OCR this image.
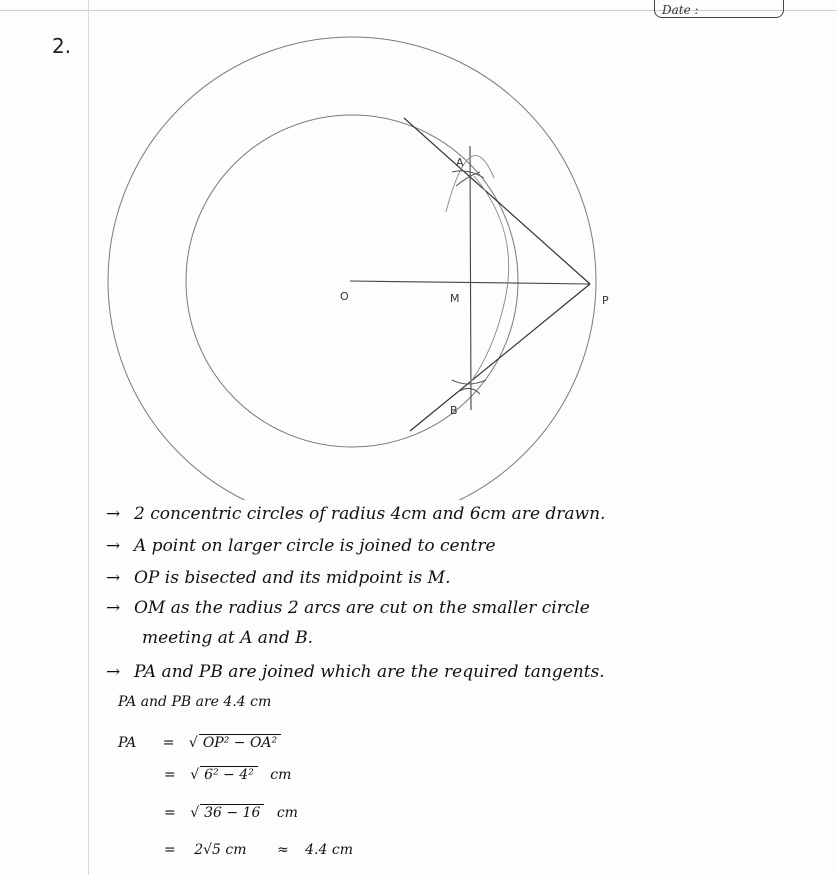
Date :
2.
O	M	P
A
B
→ 2 concentric circles of radius 4cm and 6cm are drawn.
→ A point on larger circle is joined to centre
→ OP is bisected and its midpoint is M.
→ OM as the radius 2 arcs are cut on the smaller circle
meeting at A and B.
→ PA and PB are joined which are the required tangents.
PA and PB are 4.4 cm
PA = √ OP² − OA²
= √ 6² − 4² cm
= √ 36 − 16 cm
= 2√5 cm ≈ 4.4 cm
